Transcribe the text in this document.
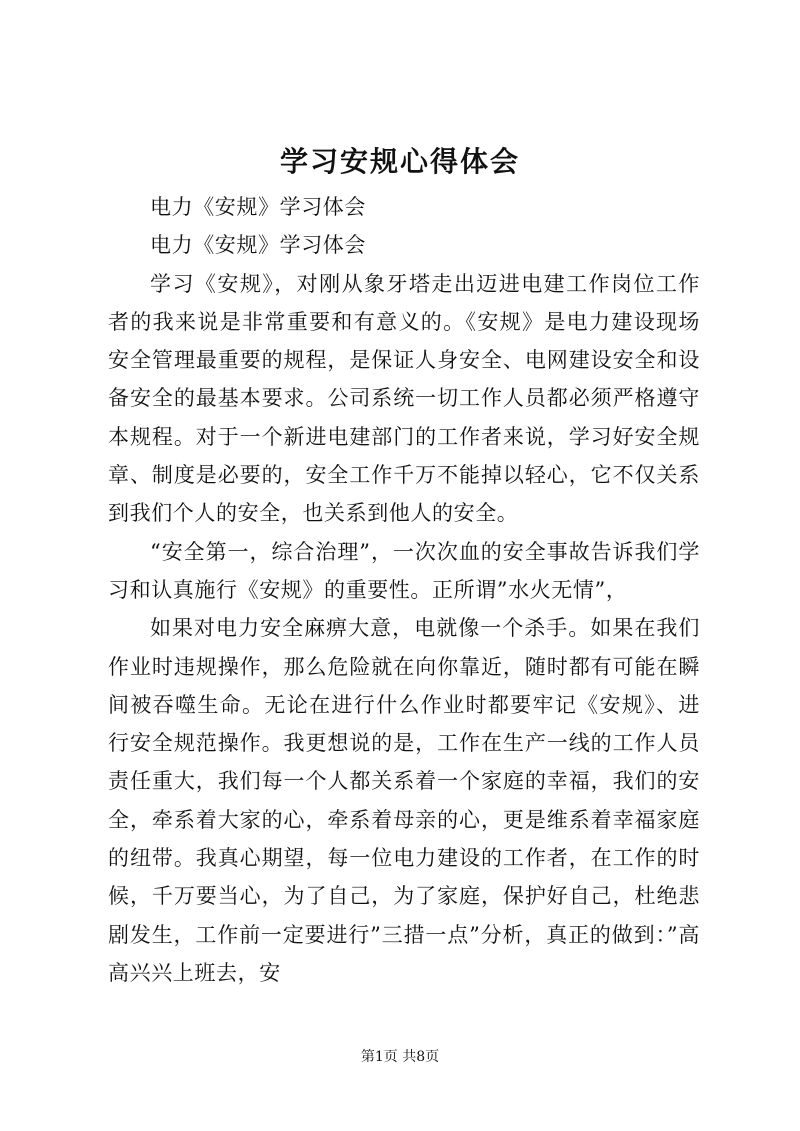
学习安规心得体会

电力《安规》学习体会

电力《安规》学习体会

学习《安规》，对刚从象牙塔走出迈进电建工作岗位工作者的我来说是非常重要和有意义的。《安规》是电力建设现场安全管理最重要的规程，是保证人身安全、电网建设安全和设备安全的最基本要求。公司系统一切工作人员都必须严格遵守本规程。对于一个新进电建部门的工作者来说，学习好安全规章、制度是必要的，安全工作千万不能掉以轻心，它不仅关系到我们个人的安全，也关系到他人的安全。

“安全第一，综合治理”，一次次血的安全事故告诉我们学习和认真施行《安规》的重要性。正所谓”水火无情”，

如果对电力安全麻痹大意，电就像一个杀手。如果在我们作业时违规操作，那么危险就在向你靠近，随时都有可能在瞬间被吞噬生命。无论在进行什么作业时都要牢记《安规》、进行安全规范操作。我更想说的是，工作在生产一线的工作人员责任重大，我们每一个人都关系着一个家庭的幸福，我们的安全，牵系着大家的心，牵系着母亲的心，更是维系着幸福家庭的纽带。我真心期望，每一位电力建设的工作者，在工作的时候，千万要当心，为了自己，为了家庭，保护好自己，杜绝悲剧发生，工作前一定要进行”三措一点”分析，真正的做到：”高高兴兴上班去，安

第1页 共8页
